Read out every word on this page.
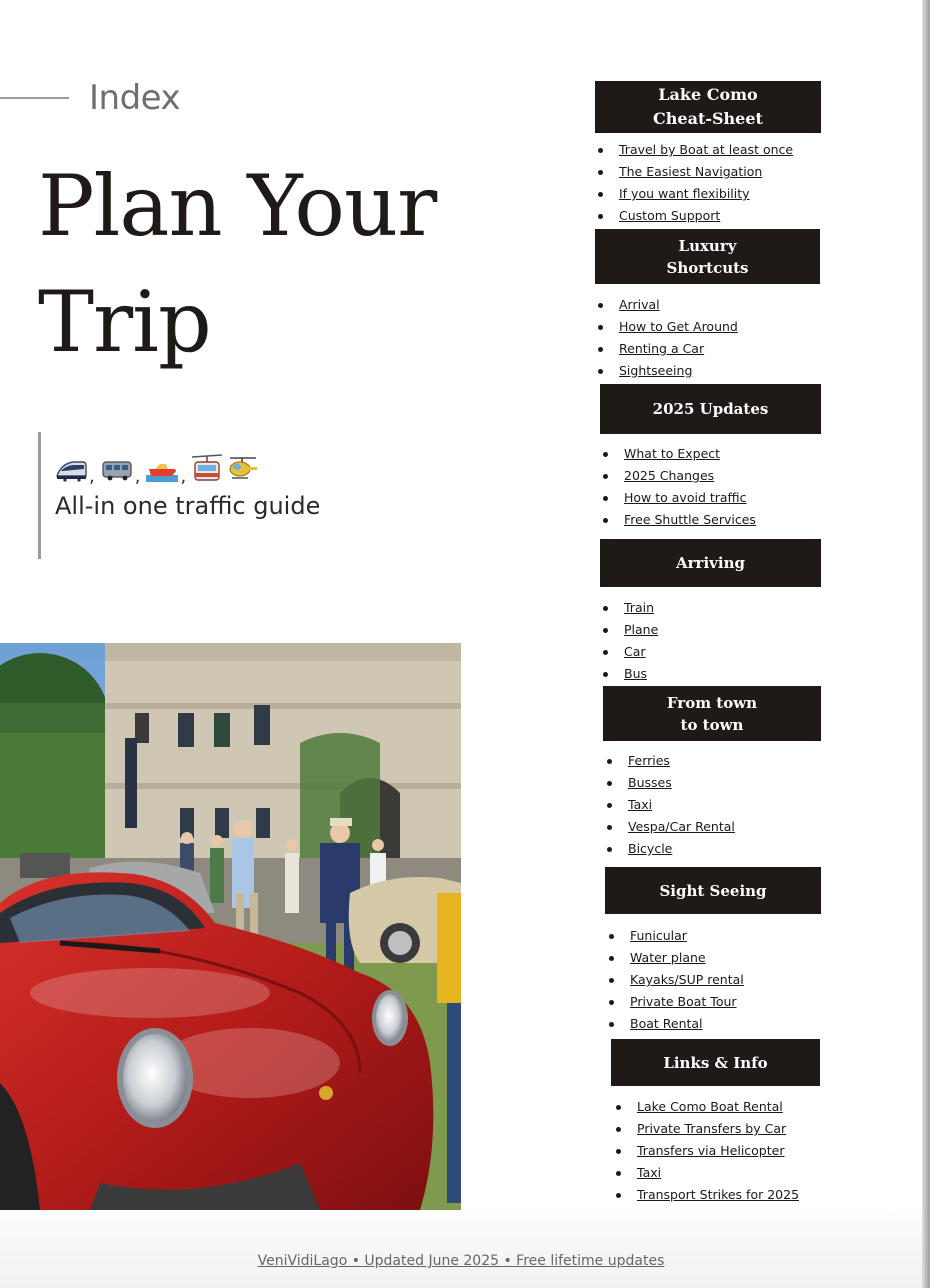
Index
Plan Your
Trip
, , ,
All-in one traffic guide
Lake Como
Cheat-Sheet
Travel by Boat at least once
The Easiest Navigation
If you want flexibility
Custom Support
Luxury
Shortcuts
Arrival
How to Get Around
Renting a Car
Sightseeing
2025 Updates
What to Expect
2025 Changes
How to avoid traffic
Free Shuttle Services
Arriving
Train
Plane
Car
Bus
From town
to town
Ferries
Busses
Taxi
Vespa/Car Rental
Bicycle
Sight Seeing
Funicular
Water plane
Kayaks/SUP rental
Private Boat Tour
Boat Rental
Links & Info
Lake Como Boat Rental
Private Transfers by Car
Transfers via Helicopter
Taxi
Transport Strikes for 2025
VeniVidiLago • Updated June 2025 • Free lifetime updates
